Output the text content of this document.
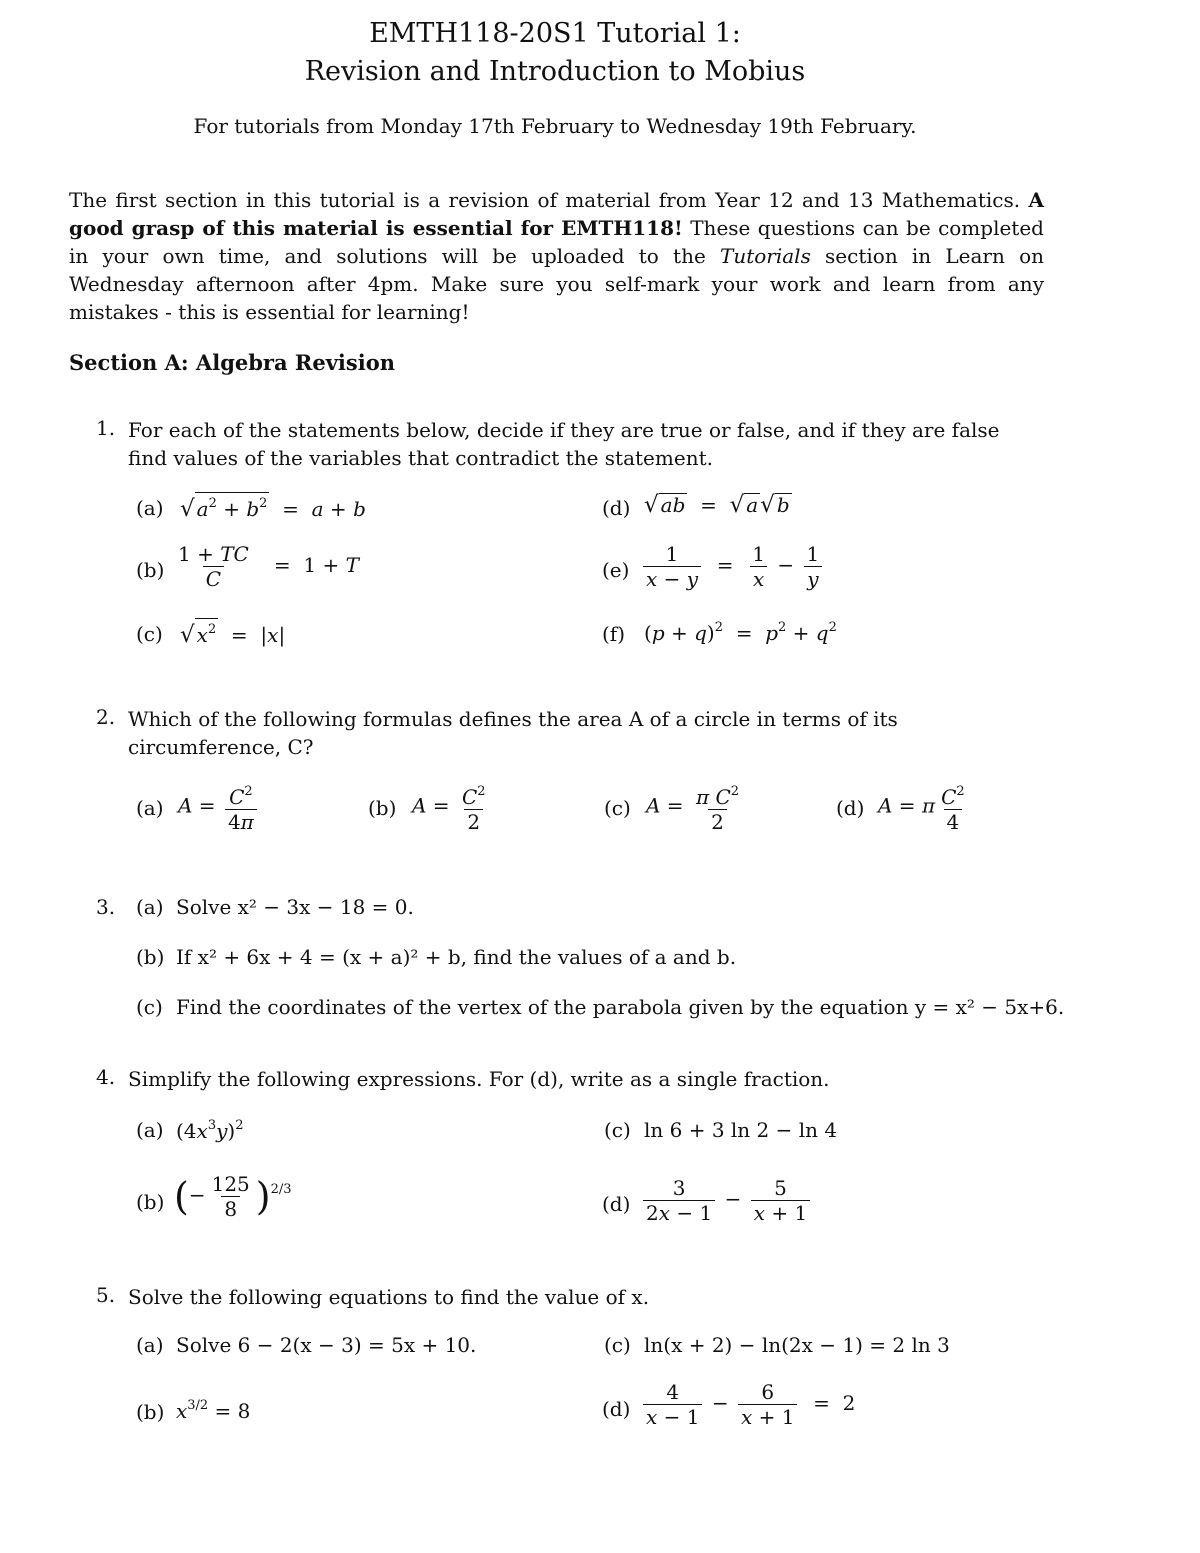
EMTH118-20S1 Tutorial 1:
Revision and Introduction to Mobius
For tutorials from Monday 17th February to Wednesday 19th February.
The first section in this tutorial is a revision of material from Year 12 and 13 Mathematics. A good grasp of this material is essential for EMTH118! These questions can be completed in your own time, and solutions will be uploaded to the Tutorials section in Learn on Wednesday afternoon after 4pm. Make sure you self-mark your work and learn from any mistakes - this is essential for learning!
Section A: Algebra Revision
1. For each of the statements below, decide if they are true or false, and if they are false find values of the variables that contradict the statement.
(a) √ $a^2 + b^2 = a + b$
$(b) \frac{1 + TC}{C} = 1 + T$
(c) √ $x^2 = |x|$
(d) √ ab  =  √ a√ b
$(e) \frac{1}{x - y} = \frac{1}{x} - \frac{1}{y}$
(f) $(p + q)^2 = p^2 + q^2$
2. Which of the following formulas defines the area A of a circle in terms of its circumference, C?
(a) $A = \frac{C^2}{4\pi}$	(b) $A = \frac{C^2}{2}$	(c) $A = \frac{\pi C^2}{2}$	(d) A = π $\frac{C^2}{4}$
3. (a) Solve x² − 3x − 18 = 0.
(b) If x² + 6x + 4 = (x + a)² + b, find the values of a and b.
(c) Find the coordinates of the vertex of the parabola given by the equation y = x² − 5x+6.
4. Simplify the following expressions. For (d), write as a single fraction.
(a) $(4x^3y)^2$
(b) (− $\frac{125}{8} )^{2/3}$
(c) ln 6 + 3 ln 2 − ln 4
$(d) \frac{3}{2x - 1} - \frac{5}{x + 1}$
5. Solve the following equations to find the value of x.
(a) Solve 6 − 2(x − 3) = 5x + 10.
(b) $x^{3/2} = 8$
(c) ln(x + 2) − ln(2x − 1) = 2 ln 3
$(d) \frac{4}{x - 1} - \frac{6}{x + 1} = 2$
